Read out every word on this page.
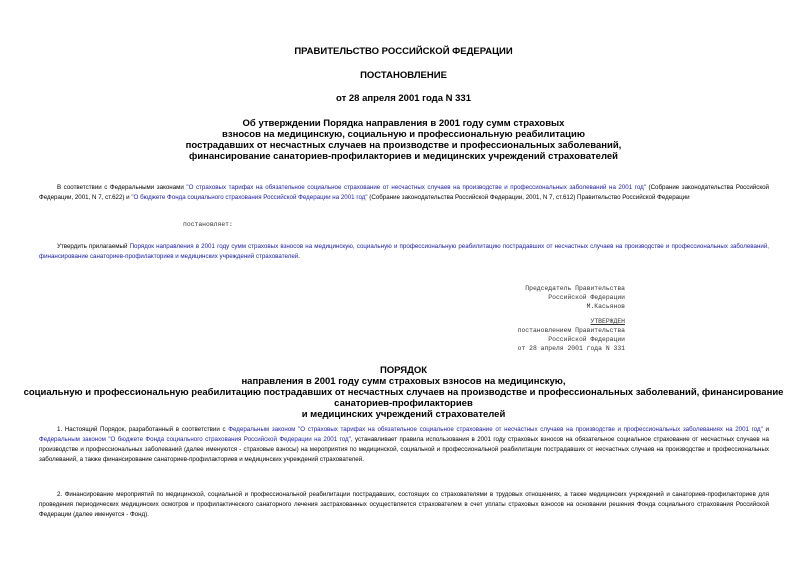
ПРАВИТЕЛЬСТВО РОССИЙСКОЙ ФЕДЕРАЦИИ
ПОСТАНОВЛЕНИЕ
от 28 апреля 2001 года N 331
Об утверждении Порядка направления в 2001 году сумм страховых
взносов на медицинскую, социальную и профессиональную реабилитацию
пострадавших от несчастных случаев на производстве и профессиональных заболеваний,
финансирование санаториев-профилакториев и медицинских учреждений страхователей
В соответствии с Федеральными законами "О страховых тарифах на обязательное социальное страхование от несчастных случаев на производстве и профессиональных заболеваний на 2001 год" (Собрание законодательства Российской Федерации, 2001, N 7, ст.622) и "О бюджете Фонда социального страхования Российской Федерации на 2001 год" (Собрание законодательства Российской Федерации, 2001, N 7, ст.612) Правительство Российской Федерации
постановляет:
Утвердить прилагаемый Порядок направления в 2001 году сумм страховых взносов на медицинскую, социальную и профессиональную реабилитацию пострадавших от несчастных случаев на производстве и профессиональных заболеваний, финансирование санаториев-профилакториев и медицинских учреждений страхователей.
Председатель Правительства
Российской Федерации
М.Касьянов
УТВЕРЖДЕН
постановлением Правительства
Российской Федерации
от 28 апреля 2001 года N 331
ПОРЯДОК
направления в 2001 году сумм страховых взносов на медицинскую,
социальную и профессиональную реабилитацию пострадавших от несчастных случаев на производстве и профессиональных заболеваний, финансирование
санаториев-профилакториев
и медицинских учреждений страхователей
1. Настоящий Порядок, разработанный в соответствии с Федеральным законом "О страховых тарифах на обязательное социальное страхование от несчастных случаев на производстве и профессиональных заболеваниях на 2001 год" и Федеральным законом "О бюджете Фонда социального страхования Российской Федерации на 2001 год", устанавливает правила использования в 2001 году страховых взносов на обязательное социальное страхование от несчастных случаев на производстве и профессиональных заболеваний (далее именуются - страховые взносы) на мероприятия по медицинской, социальной и профессиональной реабилитации пострадавших от несчастных случаев на производстве и профессиональных заболеваний, а также финансирование санаториев-профилакториев и медицинских учреждений страхователей.
2. Финансирование мероприятий по медицинской, социальной и профессиональной реабилитации пострадавших, состоящих со страхователями в трудовых отношениях, а также медицинских учреждений и санаториев-профилакториев для проведения периодических медицинских осмотров и профилактического санаторного лечения застрахованных осуществляется страхователем в счет уплаты страховых взносов на основании решения Фонда социального страхования Российской Федерации (далее именуется - Фонд).
